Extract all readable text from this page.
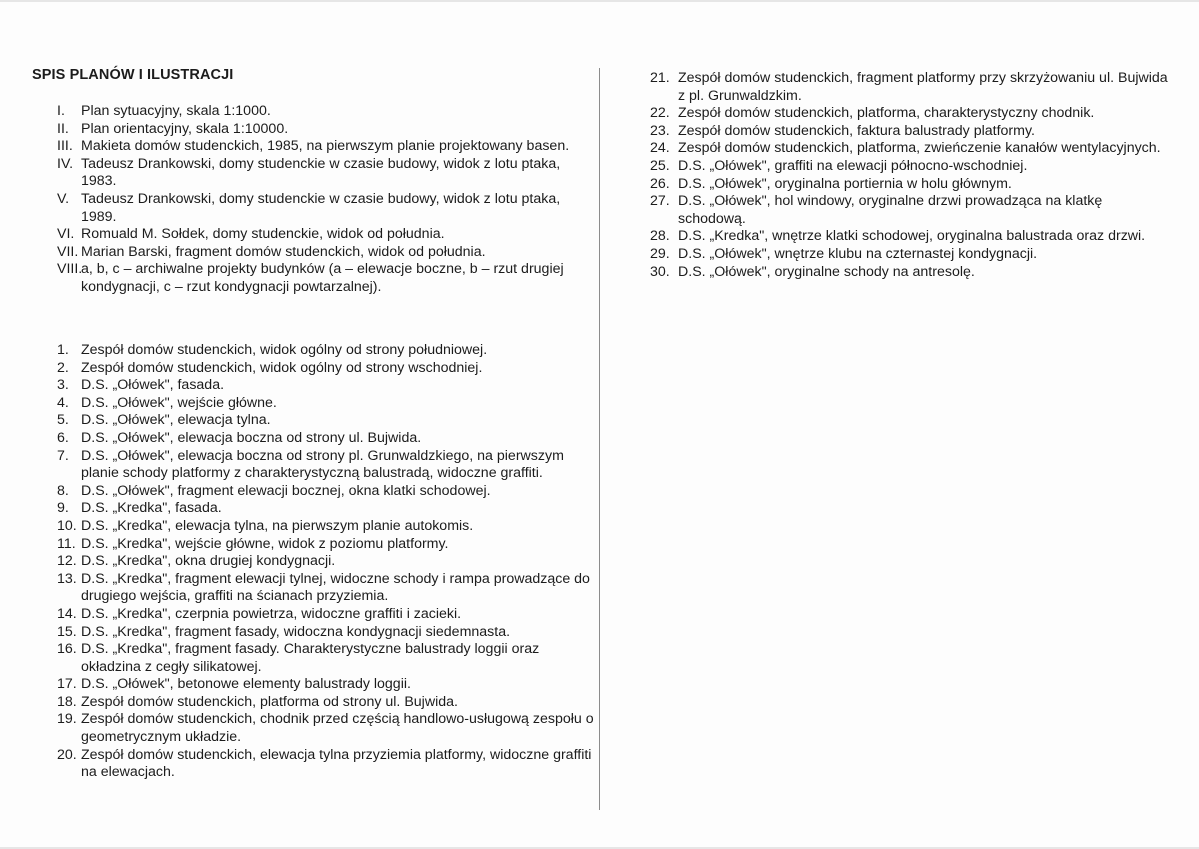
SPIS PLANÓW I ILUSTRACJI
I. Plan sytuacyjny, skala 1:1000.
II. Plan orientacyjny, skala 1:10000.
III. Makieta domów studenckich, 1985, na pierwszym planie projektowany basen.
IV. Tadeusz Drankowski, domy studenckie w czasie budowy, widok z lotu ptaka, 1983.
V. Tadeusz Drankowski, domy studenckie w czasie budowy, widok z lotu ptaka, 1989.
VI. Romuald M. Sołdek, domy studenckie, widok od południa.
VII. Marian Barski, fragment domów studenckich, widok od południa.
VIII.
a, b, c – archiwalne projekty budynków (a – elewacje boczne, b – rzut drugiej kondygnacji, c – rzut kondygnacji powtarzalnej).
1. Zespół domów studenckich, widok ogólny od strony południowej.
2. Zespół domów studenckich, widok ogólny od strony wschodniej.
3. D.S. „Ołówek", fasada.
4. D.S. „Ołówek", wejście główne.
5. D.S. „Ołówek", elewacja tylna.
6. D.S. „Ołówek", elewacja boczna od strony ul. Bujwida.
7. D.S. „Ołówek", elewacja boczna od strony pl. Grunwaldzkiego, na pierwszym planie schody platformy z charakterystyczną balustradą, widoczne graffiti.
8. D.S. „Ołówek", fragment elewacji bocznej, okna klatki schodowej.
9. D.S. „Kredka", fasada.
10. D.S. „Kredka", elewacja tylna, na pierwszym planie autokomis.
11. D.S. „Kredka", wejście główne, widok z poziomu platformy.
12. D.S. „Kredka", okna drugiej kondygnacji.
13. D.S. „Kredka", fragment elewacji tylnej, widoczne schody i rampa prowadzące do drugiego wejścia, graffiti na ścianach przyziemia.
14. D.S. „Kredka", czerpnia powietrza, widoczne graffiti i zacieki.
15. D.S. „Kredka", fragment fasady, widoczna kondygnacji siedemnasta.
16. D.S. „Kredka", fragment fasady. Charakterystyczne balustrady loggii oraz okładzina z cegły silikatowej.
17. D.S. „Ołówek", betonowe elementy balustrady loggii.
18. Zespół domów studenckich, platforma od strony ul. Bujwida.
19. Zespół domów studenckich, chodnik przed częścią handlowo-usługową zespołu o geometrycznym układzie.
20. Zespół domów studenckich, elewacja tylna przyziemia platformy, widoczne graffiti na elewacjach.
21. Zespół domów studenckich, fragment platformy przy skrzyżowaniu ul. Bujwida z pl. Grunwaldzkim.
22. Zespół domów studenckich, platforma, charakterystyczny chodnik.
23. Zespół domów studenckich, faktura balustrady platformy.
24. Zespół domów studenckich, platforma, zwieńczenie kanałów wentylacyjnych.
25. D.S. „Ołówek", graffiti na elewacji północno-wschodniej.
26. D.S. „Ołówek", oryginalna portiernia w holu głównym.
27. D.S. „Ołówek", hol windowy, oryginalne drzwi prowadząca na klatkę schodową.
28. D.S. „Kredka", wnętrze klatki schodowej, oryginalna balustrada oraz drzwi.
29. D.S. „Ołówek", wnętrze klubu na czternastej kondygnacji.
30. D.S. „Ołówek", oryginalne schody na antresolę.
